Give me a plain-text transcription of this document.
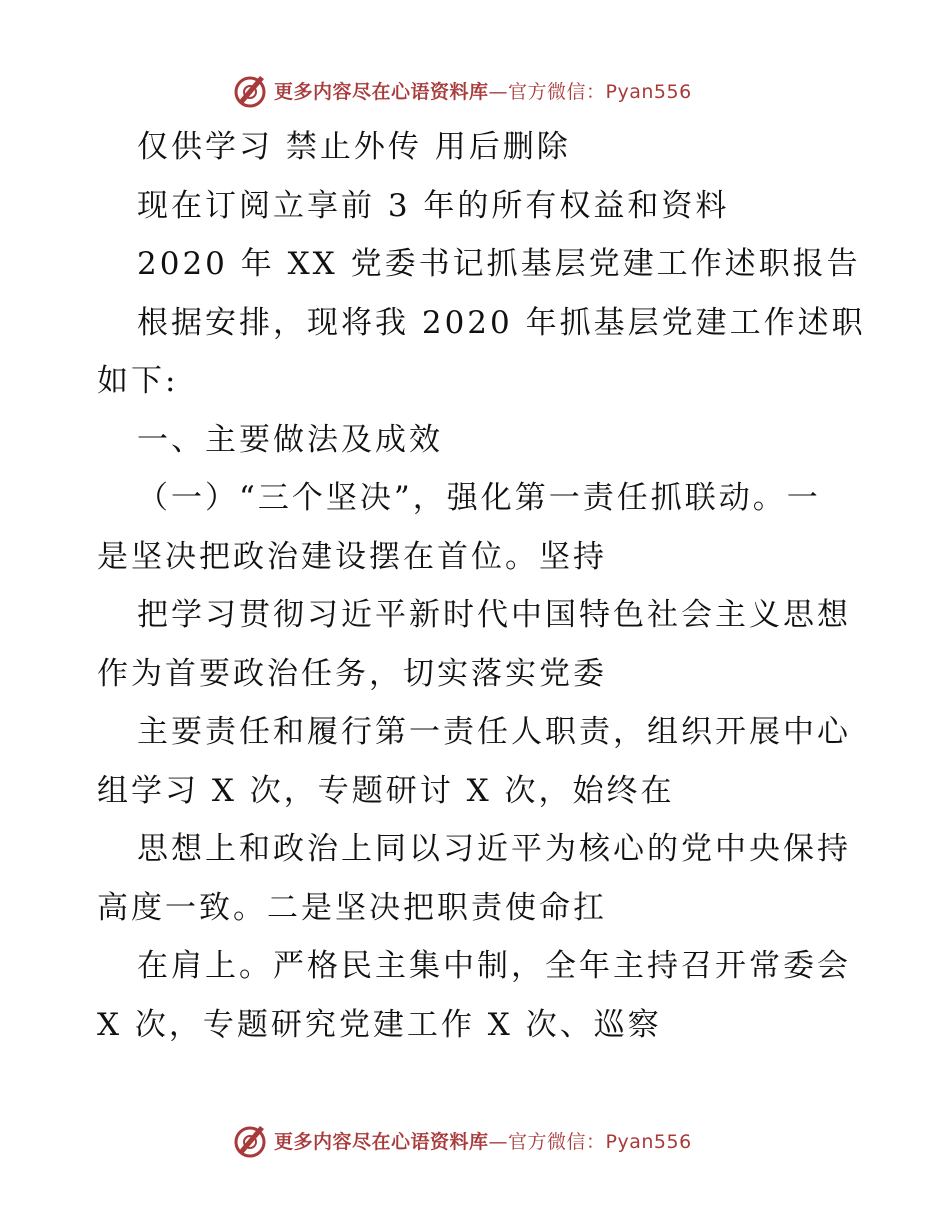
更多内容尽在心语资料库—官方微信：Pyan556

仅供学习 禁止外传 用后删除

现在订阅立享前 3 年的所有权益和资料

2020 年 XX 党委书记抓基层党建工作述职报告

根据安排，现将我 2020 年抓基层党建工作述职

如下:

一、主要做法及成效

（一）“三个坚决”，强化第一责任抓联动。一

是坚决把政治建设摆在首位。坚持

把学习贯彻习近平新时代中国特色社会主义思想

作为首要政治任务，切实落实党委

主要责任和履行第一责任人职责，组织开展中心

组学习 X 次，专题研讨 X 次，始终在

思想上和政治上同以习近平为核心的党中央保持

高度一致。二是坚决把职责使命扛

在肩上。严格民主集中制，全年主持召开常委会

X 次，专题研究党建工作 X 次、巡察

更多内容尽在心语资料库—官方微信：Pyan556
